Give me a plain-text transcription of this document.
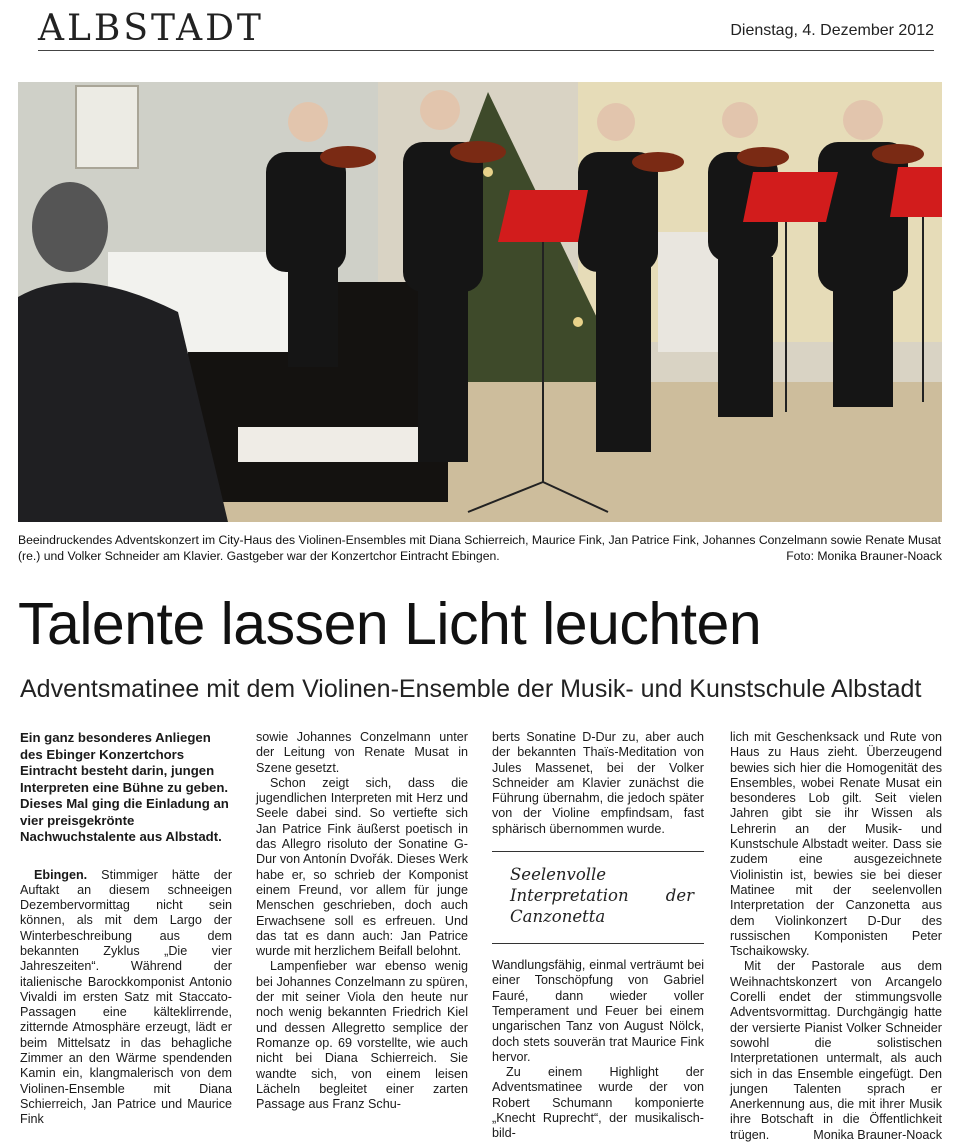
ALBSTADT	Dienstag, 4. Dezember 2012
Beeindruckendes Adventskonzert im City-Haus des Violinen-Ensembles mit Diana Schierreich, Maurice Fink, Jan Patrice Fink, Johannes Conzelmann sowie Renate Musat (re.) und Volker Schneider am Klavier. Gastgeber war der Konzertchor Eintracht Ebingen.	Foto: Monika Brauner-Noack
Talente lassen Licht leuchten
Adventsmatinee mit dem Violinen-Ensemble der Musik- und Kunstschule Albstadt

Ein ganz besonderes Anliegen des Ebinger Konzertchors Eintracht besteht darin, jungen Interpreten eine Bühne zu geben. Dieses Mal ging die Einladung an vier preisgekrönte Nachwuchstalente aus Albstadt.

Ebingen. Stimmiger hätte der Auftakt an diesem schneeigen Dezembervormittag nicht sein können, als mit dem Largo der Winterbeschreibung aus dem bekannten Zyklus „Die vier Jahreszeiten“. Während der italienische Barockkomponist Antonio Vivaldi im ersten Satz mit Staccato-Passagen eine kälteklirrende, zitternde Atmosphäre erzeugt, lädt er beim Mittelsatz in das behagliche Zimmer an den Wärme spendenden Kamin ein, klangmalerisch von dem Violinen-Ensemble mit Diana Schierreich, Jan Patrice und Maurice Fink

sowie Johannes Conzelmann unter der Leitung von Renate Musat in Szene gesetzt.

Schon zeigt sich, dass die jugendlichen Interpreten mit Herz und Seele dabei sind. So vertiefte sich Jan Patrice Fink äußerst poetisch in das Allegro risoluto der Sonatine G-Dur von Antonín Dvořák. Dieses Werk habe er, so schrieb der Komponist einem Freund, vor allem für junge Menschen geschrieben, doch auch Erwachsene soll es erfreuen. Und das tat es dann auch: Jan Patrice wurde mit herzlichem Beifall belohnt.

Lampenfieber war ebenso wenig bei Johannes Conzelmann zu spüren, der mit seiner Viola den heute nur noch wenig bekannten Friedrich Kiel und dessen Allegretto semplice der Romanze op. 69 vorstellte, wie auch nicht bei Diana Schierreich. Sie wandte sich, von einem leisen Lächeln begleitet einer zarten Passage aus Franz Schu-

berts Sonatine D-Dur zu, aber auch der bekannten Thaïs-Meditation von Jules Massenet, bei der Volker Schneider am Klavier zunächst die Führung übernahm, die jedoch später von der Violine empfindsam, fast sphärisch übernommen wurde.

Seelenvolle Interpretation der Canzonetta

Wandlungsfähig, einmal verträumt bei einer Tonschöpfung von Gabriel Fauré, dann wieder voller Temperament und Feuer bei einem ungarischen Tanz von August Nölck, doch stets souverän trat Maurice Fink hervor.

Zu einem Highlight der Adventsmatinee wurde der von Robert Schumann komponierte „Knecht Ruprecht“, der musikalisch-bild-

lich mit Geschenksack und Rute von Haus zu Haus zieht. Überzeugend bewies sich hier die Homogenität des Ensembles, wobei Renate Musat ein besonderes Lob gilt. Seit vielen Jahren gibt sie ihr Wissen als Lehrerin an der Musik- und Kunstschule Albstadt weiter. Dass sie zudem eine ausgezeichnete Violinistin ist, bewies sie bei dieser Matinee mit der seelenvollen Interpretation der Canzonetta aus dem Violinkonzert D-Dur des russischen Komponisten Peter Tschaikowsky.

Mit der Pastorale aus dem Weihnachtskonzert von Arcangelo Corelli endet der stimmungsvolle Adventsvormittag. Durchgängig hatte der versierte Pianist Volker Schneider sowohl die solistischen Interpretationen untermalt, als auch sich in das Ensemble eingefügt. Den jungen Talenten sprach er Anerkennung aus, die mit ihrer Musik ihre Botschaft in die Öffentlichkeit trügen.	Monika Brauner-Noack
